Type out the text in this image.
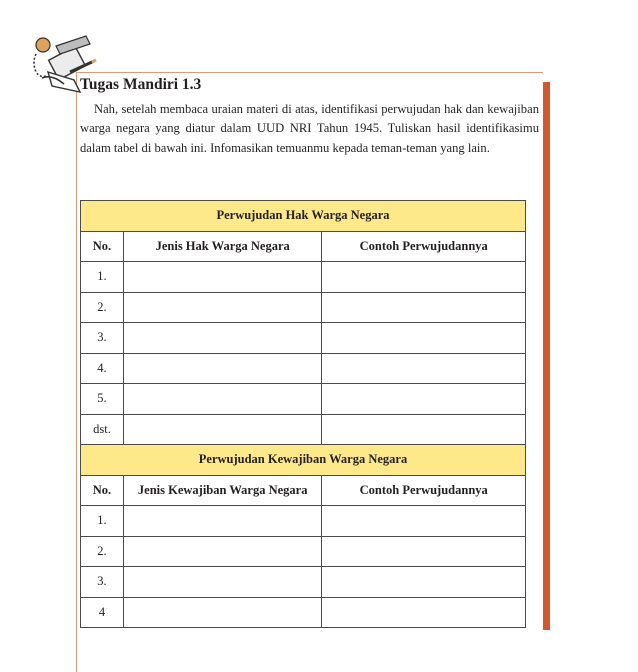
Tugas Mandiri 1.3

Nah, setelah membaca uraian materi di atas, identifikasi perwujudan hak dan kewajiban warga negara yang diatur dalam UUD NRI Tahun 1945. Tuliskan hasil identifikasimu dalam tabel di bawah ini. Infomasikan temuanmu kepada teman-teman yang lain.

Perwujudan Hak Warga Negara		
No.	Jenis Hak Warga Negara	Contoh Perwujudannya
1.		
2.		
3.		
4.		
5.		
dst.		
Perwujudan Kewajiban Warga Negara		
No.	Jenis Kewajiban Warga Negara	Contoh Perwujudannya
1.		
2.		
3.		
4		
